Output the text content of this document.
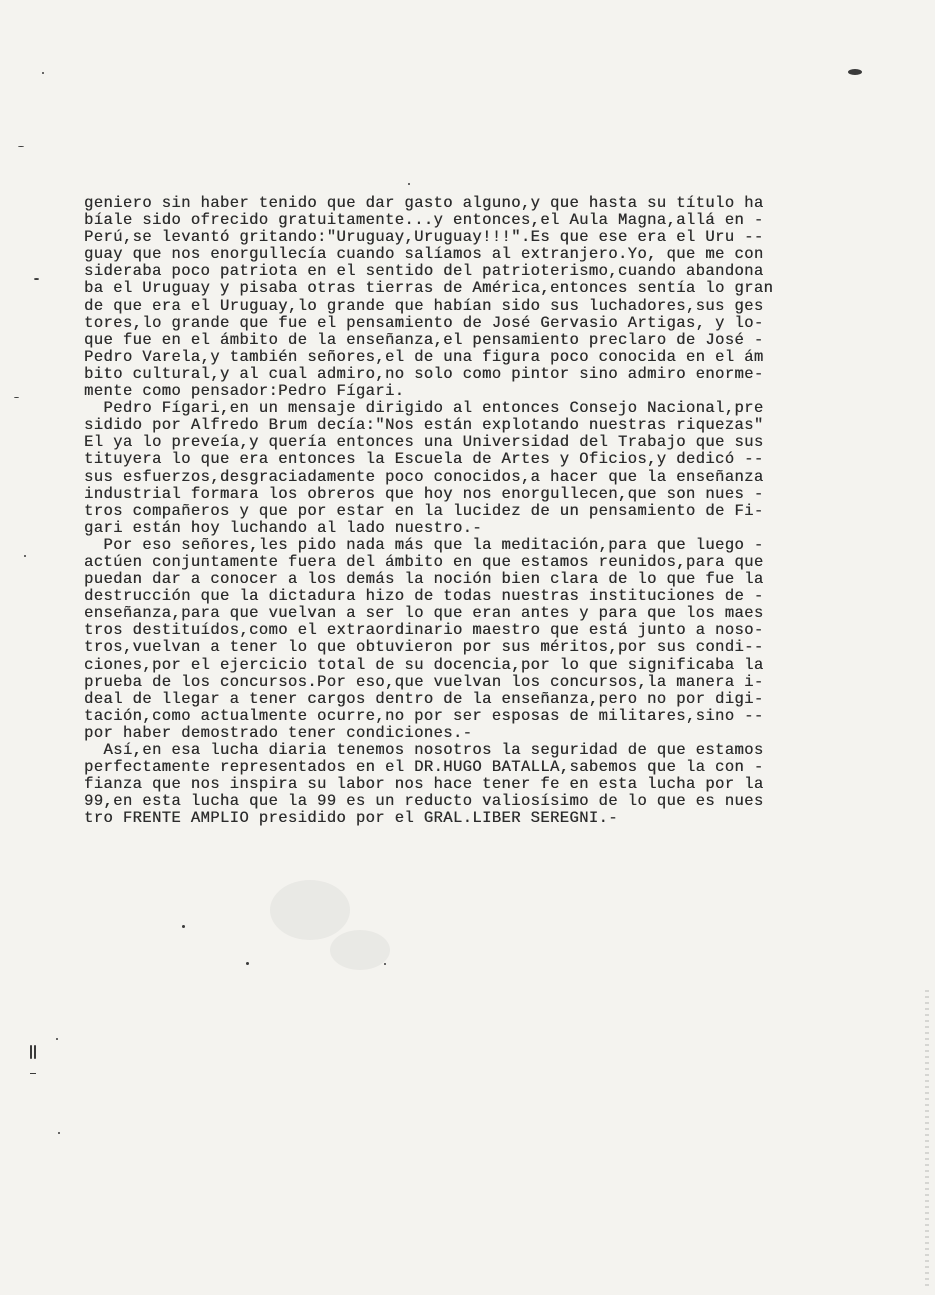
geniero sin haber tenido que dar gasto alguno,y que hasta su título ha
bíale sido ofrecido gratuitamente...y entonces,el Aula Magna,allá en -
Perú,se levantó gritando:"Uruguay,Uruguay!!!".Es que ese era el Uru --
guay que nos enorgullecía cuando salíamos al extranjero.Yo, que me con
sideraba poco patriota en el sentido del patrioterismo,cuando abandona
ba el Uruguay y pisaba otras tierras de América,entonces sentía lo gran
de que era el Uruguay,lo grande que habían sido sus luchadores,sus ges
tores,lo grande que fue el pensamiento de José Gervasio Artigas, y lo-
que fue en el ámbito de la enseñanza,el pensamiento preclaro de José -
Pedro Varela,y también señores,el de una figura poco conocida en el ám
bito cultural,y al cual admiro,no solo como pintor sino admiro enorme-
mente como pensador:Pedro Fígari.
Pedro Fígari,en un mensaje dirigido al entonces Consejo Nacional,pre
sidido por Alfredo Brum decía:"Nos están explotando nuestras riquezas"
El ya lo preveía,y quería entonces una Universidad del Trabajo que sus
tituyera lo que era entonces la Escuela de Artes y Oficios,y dedicó --
sus esfuerzos,desgraciadamente poco conocidos,a hacer que la enseñanza
industrial formara los obreros que hoy nos enorgullecen,que son nues -
tros compañeros y que por estar en la lucidez de un pensamiento de Fi-
gari están hoy luchando al lado nuestro.-
Por eso señores,les pido nada más que la meditación,para que luego -
actúen conjuntamente fuera del ámbito en que estamos reunidos,para que
puedan dar a conocer a los demás la noción bien clara de lo que fue la
destrucción que la dictadura hizo de todas nuestras instituciones de -
enseñanza,para que vuelvan a ser lo que eran antes y para que los maes
tros destituídos,como el extraordinario maestro que está junto a noso-
tros,vuelvan a tener lo que obtuvieron por sus méritos,por sus condi--
ciones,por el ejercicio total de su docencia,por lo que significaba la
prueba de los concursos.Por eso,que vuelvan los concursos,la manera i-
deal de llegar a tener cargos dentro de la enseñanza,pero no por digi-
tación,como actualmente ocurre,no por ser esposas de militares,sino --
por haber demostrado tener condiciones.-
Así,en esa lucha diaria tenemos nosotros la seguridad de que estamos
perfectamente representados en el DR.HUGO BATALLA,sabemos que la con -
fianza que nos inspira su labor nos hace tener fe en esta lucha por la
99,en esta lucha que la 99 es un reducto valiosísimo de lo que es nues
tro FRENTE AMPLIO presidido por el GRAL.LIBER SEREGNI.-
